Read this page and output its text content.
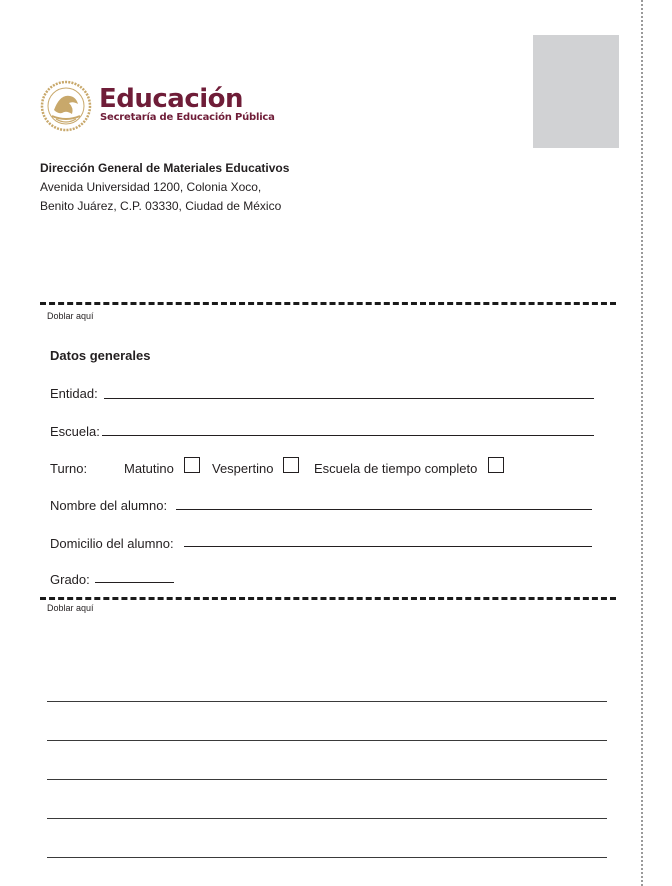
Educación
Secretaría de Educación Pública
Dirección General de Materiales Educativos
Avenida Universidad 1200, Colonia Xoco,
Benito Juárez, C.P. 03330, Ciudad de México
Doblar aquí
Datos generales
Entidad:
Escuela:
Turno:	Matutino	Vespertino	Escuela de tiempo completo
Nombre del alumno:
Domicilio del alumno:
Grado:
Doblar aquí
